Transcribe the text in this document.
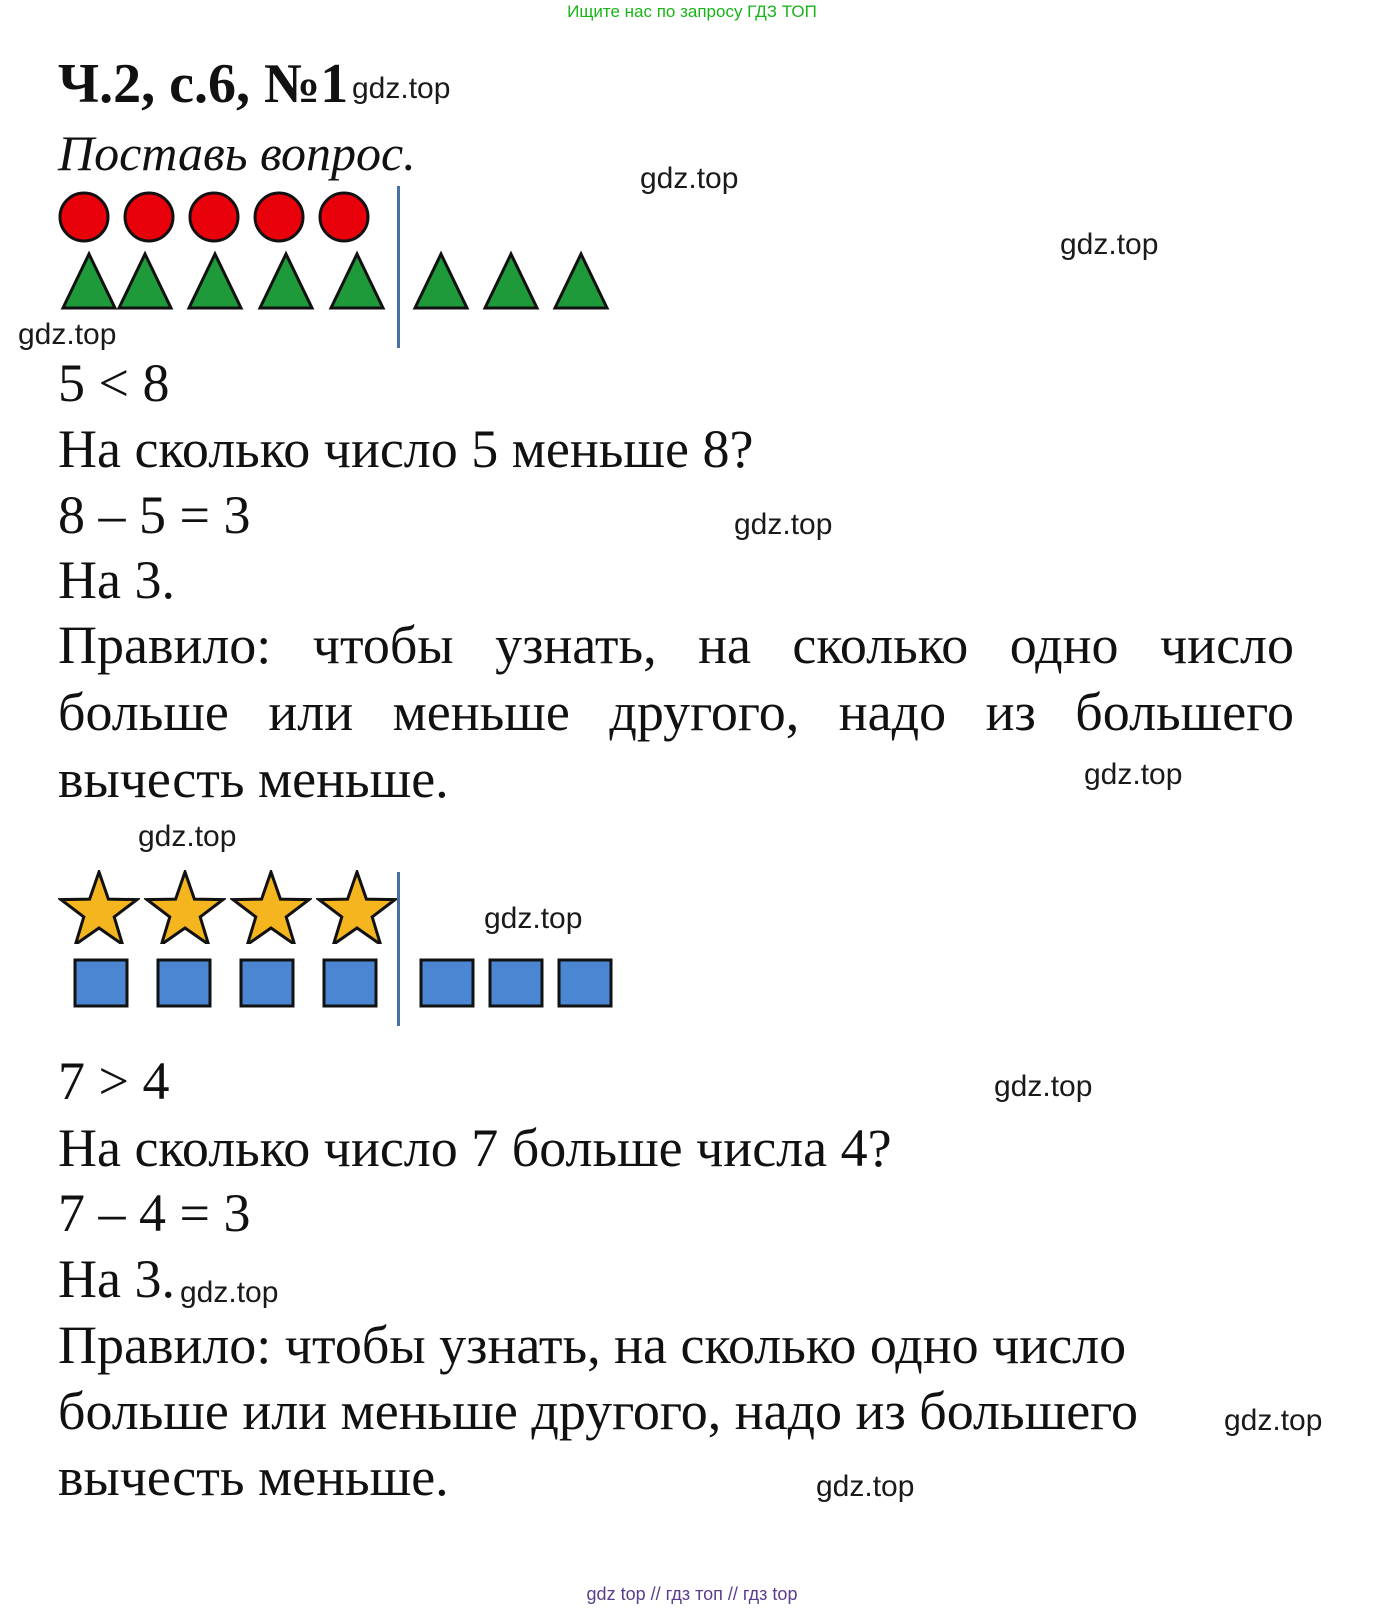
Ищите нас по запросу ГДЗ ТОП
Ч.2, с.6, №1 gdz.top
Поставь вопрос.	gdz.top
gdz.top
gdz.top
5 < 8
На сколько число 5 меньше 8?
8 – 5 = 3	gdz.top
На 3.
Правило: чтобы узнать, на сколько одно число больше или меньше другого, надо из большего вычесть меньше.	gdz.top
gdz.top
gdz.top
7 > 4	gdz.top
На сколько число 7 больше числа 4?
7 – 4 = 3
На 3. gdz.top
Правило: чтобы узнать, на сколько одно число
больше или меньше другого, надо из большего	gdz.top
вычесть меньше.	gdz.top
gdz top // гдз топ // гдз top
